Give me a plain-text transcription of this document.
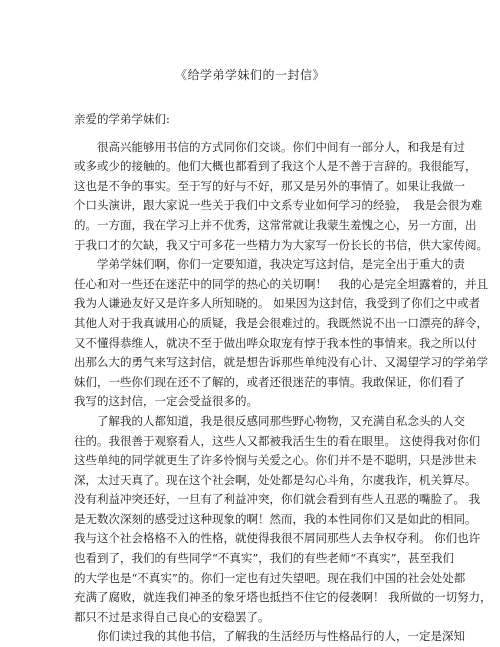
《给学弟学妹们的一封信》
亲爱的学弟学妹们:
　　很高兴能够用书信的方式同你们交谈。你们中间有一部分人，和我是有过
或多或少的接触的。他们大概也都看到了我这个人是不善于言辞的。我很能写，
这也是不争的事实。至于写的好与不好，那又是另外的事情了。如果让我做一
个口头演讲，跟大家说一些关于我们中文系专业如何学习的经验，　我是会很为难
的。一方面，我在学习上并不优秀，这常常就让我蒙生羞愧之心，另一方面，出
于我口才的欠缺，我又宁可多花一些精力为大家写一份长长的书信，供大家传阅。
　　学弟学妹们啊，你们一定要知道，我决定写这封信，是完全出于重大的责
任心和对一些还在迷茫中的同学的热心的关切啊！　我的心是完全坦露着的，并且
我为人谦逊友好又是许多人所知晓的。 如果因为这封信，我受到了你们之中或者
其他人对于我真诚用心的质疑，我是会很难过的。我既然说不出一口漂亮的辞令，
又不懂得恭维人，就决不至于做出哗众取宠有悖于我本性的事情来。我之所以付
出那么大的勇气来写这封信，就是想告诉那些单纯没有心计、又渴望学习的学弟学
妹们，一些你们现在还不了解的，或者还很迷茫的事情。我敢保证，你们看了
我写的这封信，一定会受益很多的。
　　了解我的人都知道，我是很反感同那些野心物物，又充满自私念头的人交
往的。我很善于观察看人，这些人又都被我活生生的看在眼里。 这使得我对你们
这些单纯的同学就更生了许多怜悯与关爱之心。你们并不是不聪明，只是涉世未
深，太过天真了。现在这个社会啊，处处都是勾心斗角，尔虞我诈，机关算尽。
没有利益冲突还好，一旦有了利益冲突，你们就会看到有些人丑恶的嘴脸了。 我
是无数次深刻的感受过这种现象的啊！然而，我的本性同你们又是如此的相同。
我与这个社会格格不入的性格，就使得我很不屑同那些人去争权夺利。 你们也许
也看到了，我们的有些同学“不真实”，我们的有些老师“不真实”，甚至我们
的大学也是“不真实”的。你们一定也有过失望吧。现在我们中国的社会处处都
充满了腐败，就连我们神圣的象牙塔也抵挡不住它的侵袭啊！ 我所做的一切努力，
都只不过是求得自己良心的安稳罢了。
　　你们读过我的其他书信，了解我的生活经历与性格品行的人，一定是深知
